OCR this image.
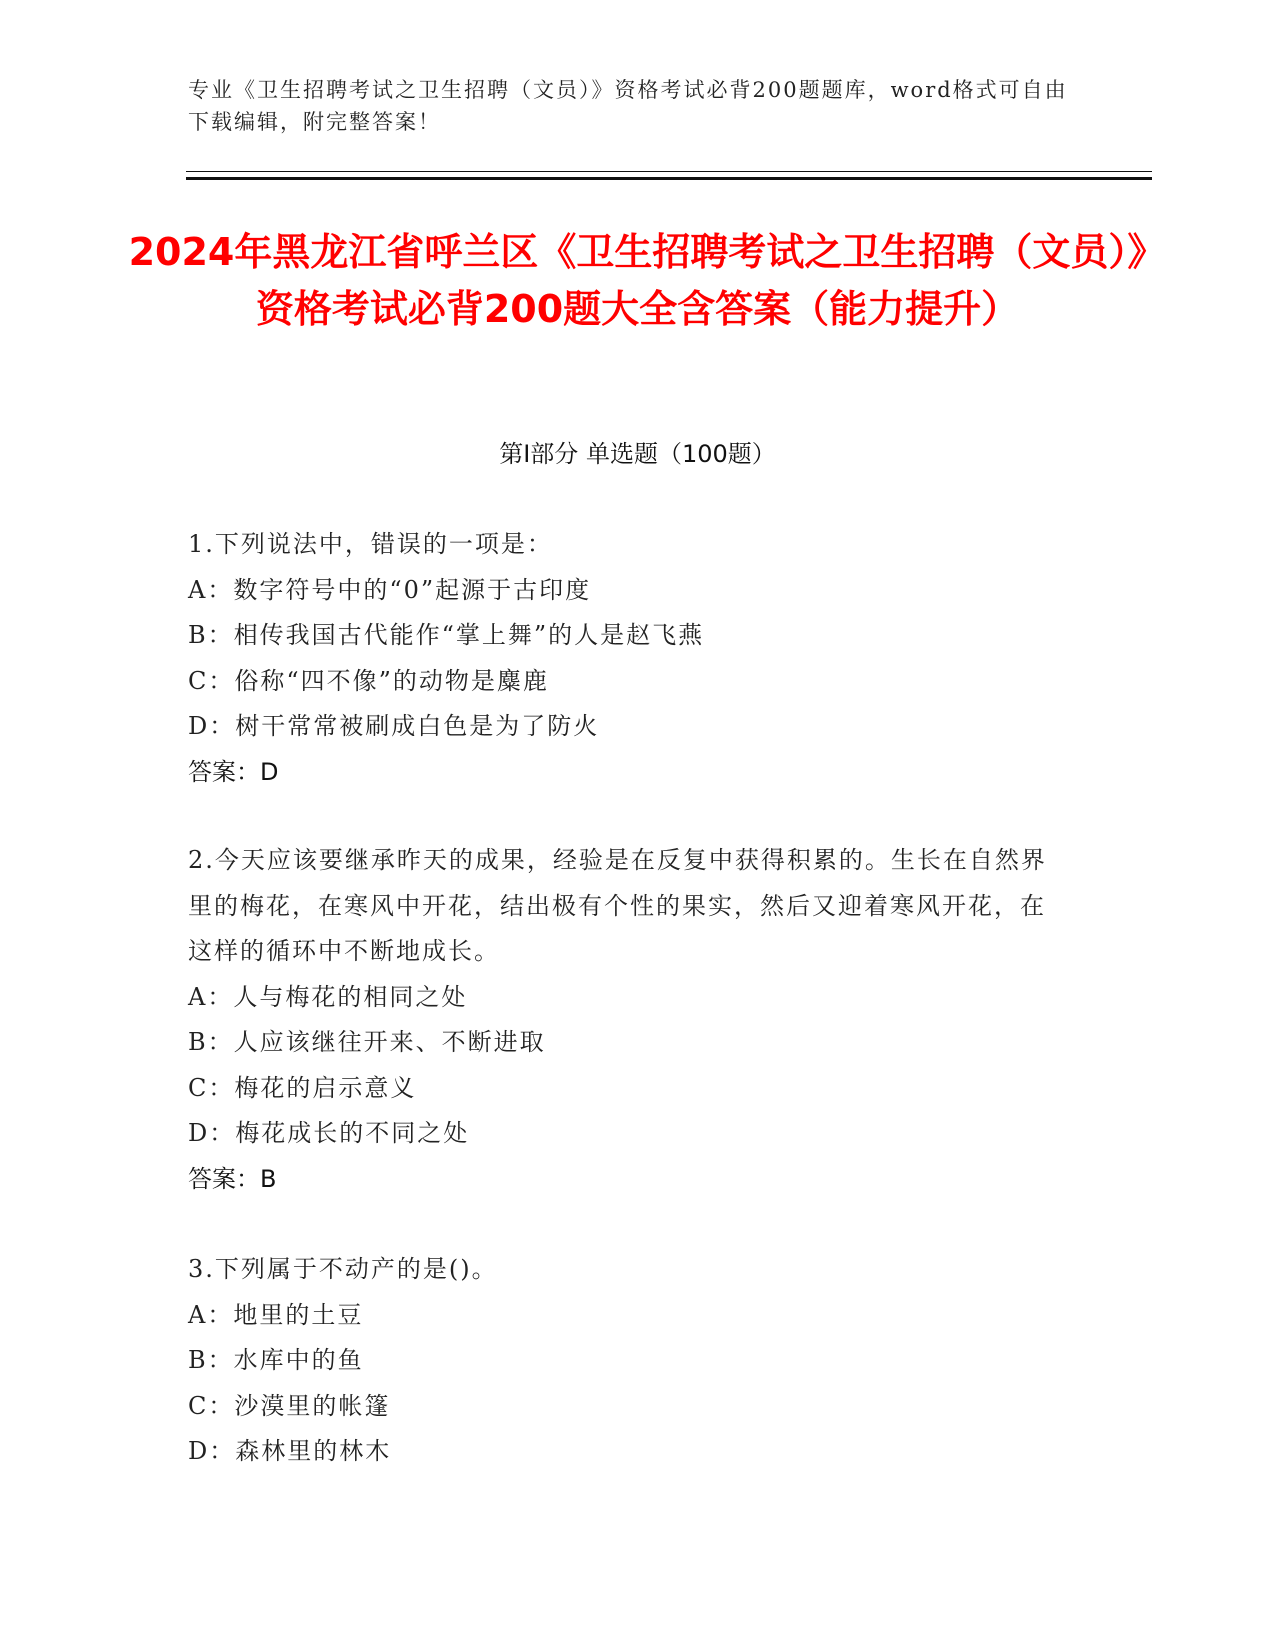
专业《卫生招聘考试之卫生招聘（文员）》资格考试必背200题题库，word格式可自由下载编辑，附完整答案！
2024年黑龙江省呼兰区《卫生招聘考试之卫生招聘（文员）》资格考试必背200题大全含答案（能力提升）
第Ⅰ部分 单选题（100题）
1.下列说法中，错误的一项是：
A：数字符号中的“0”起源于古印度
B：相传我国古代能作“掌上舞”的人是赵飞燕
C：俗称“四不像”的动物是麋鹿
D：树干常常被刷成白色是为了防火
答案：D
2.今天应该要继承昨天的成果，经验是在反复中获得积累的。生长在自然界里的梅花，在寒风中开花，结出极有个性的果实，然后又迎着寒风开花，在这样的循环中不断地成长。
A：人与梅花的相同之处
B：人应该继往开来、不断进取
C：梅花的启示意义
D：梅花成长的不同之处
答案：B
3.下列属于不动产的是()。
A：地里的土豆
B：水库中的鱼
C：沙漠里的帐篷
D：森林里的林木
